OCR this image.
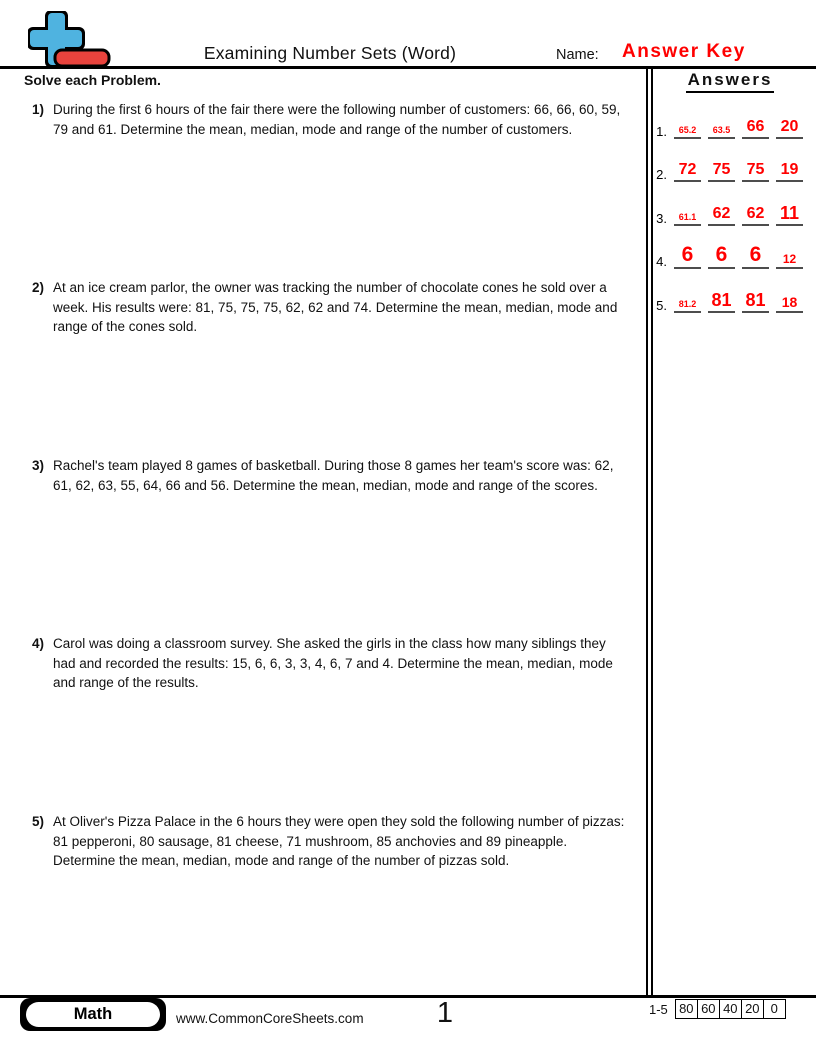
Examining Number Sets (Word)	Name: Answer Key
Solve each Problem.
1) During the first 6 hours of the fair there were the following number of customers: 66, 66, 60, 59, 79 and 61. Determine the mean, median, mode and range of the number of customers.
2) At an ice cream parlor, the owner was tracking the number of chocolate cones he sold over a week. His results were: 81, 75, 75, 75, 62, 62 and 74. Determine the mean, median, mode and range of the cones sold.
3) Rachel's team played 8 games of basketball. During those 8 games her team's score was: 62, 61, 62, 63, 55, 64, 66 and 56. Determine the mean, median, mode and range of the scores.
4) Carol was doing a classroom survey. She asked the girls in the class how many siblings they had and recorded the results: 15, 6, 6, 3, 3, 4, 6, 7 and 4. Determine the mean, median, mode and range of the results.
5) At Oliver's Pizza Palace in the 6 hours they were open they sold the following number of pizzas: 81 pepperoni, 80 sausage, 81 cheese, 71 mushroom, 85 anchovies and 89 pineapple. Determine the mean, median, mode and range of the number of pizzas sold.
Answers
1.	65.2	63.5 66 20
2. 72 75 75 19
3.	61.1 62 62 11
4. 6	6	6	12
5.	81.2 81 81	18
Math	www.CommonCoreSheets.com	1	1-5 80 60 40 20 0
